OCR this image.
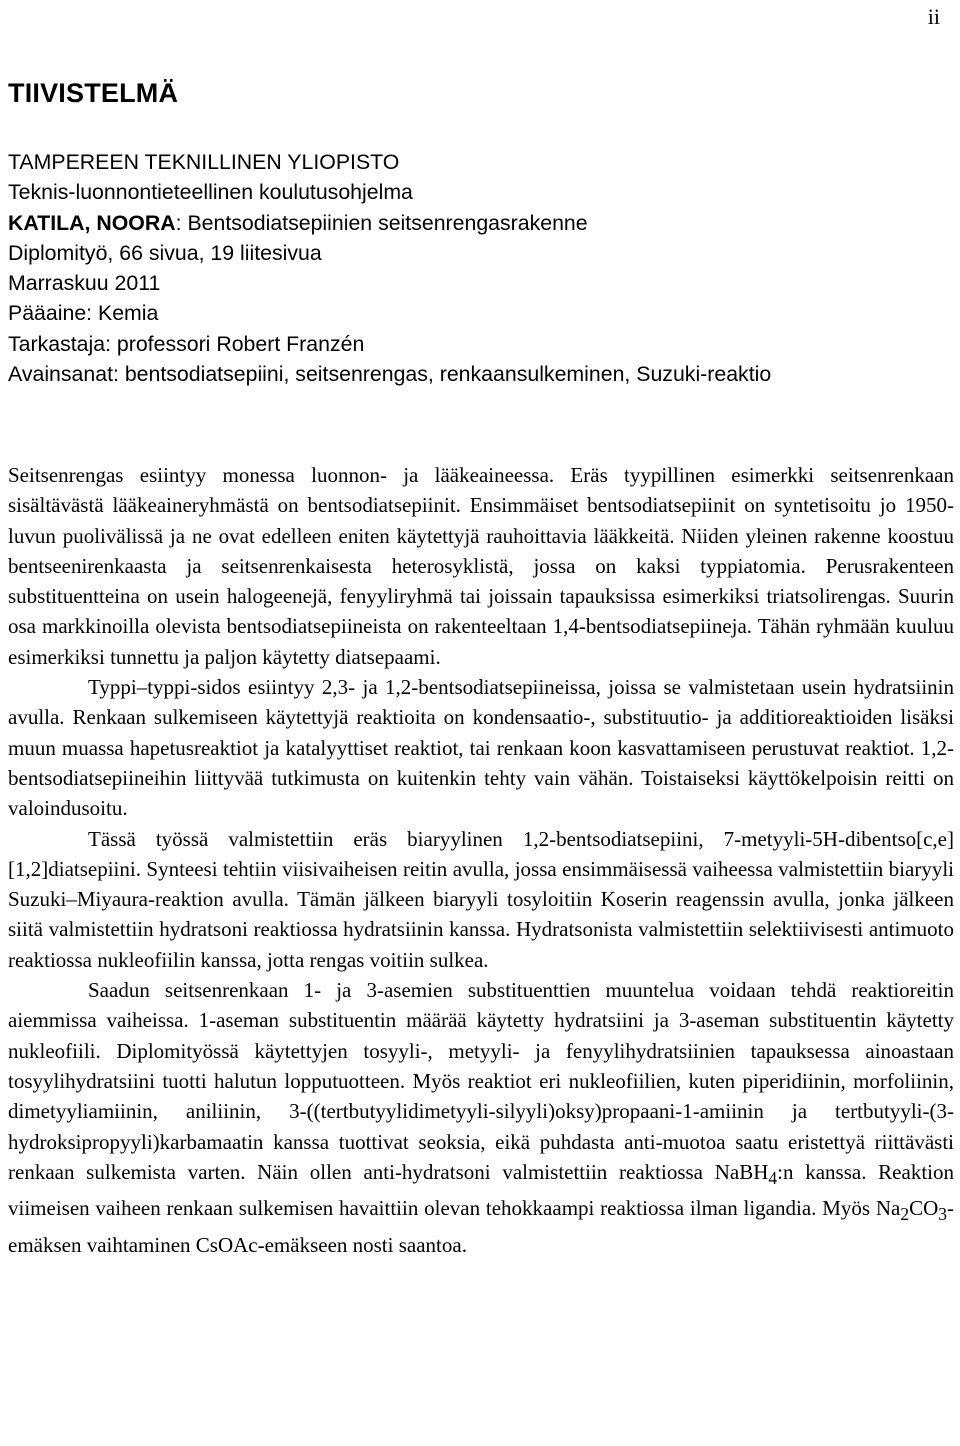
ii
TIIVISTELMÄ
TAMPEREEN TEKNILLINEN YLIOPISTO
Teknis-luonnontieteellinen koulutusohjelma
KATILA, NOORA: Bentsodiatsepiinien seitsenrengasrakenne
Diplomityö, 66 sivua, 19 liitesivua
Marraskuu 2011
Pääaine: Kemia
Tarkastaja: professori Robert Franzén
Avainsanat: bentsodiatsepiini, seitsenrengas, renkaansulkeminen, Suzuki-reaktio

Seitsenrengas esiintyy monessa luonnon- ja lääkeaineessa. Eräs tyypillinen esimerkki seitsenrenkaan sisältävästä lääkeaineryhmästä on bentsodiatsepiinit. Ensimmäiset bentsodiatsepiinit on syntetisoitu jo 1950-luvun puolivälissä ja ne ovat edelleen eniten käytettyjä rauhoittavia lääkkeitä. Niiden yleinen rakenne koostuu bentseenirenkaasta ja seitsenrenkaisesta heterosyklistä, jossa on kaksi typpiatomia. Perusrakenteen substituentteina on usein halogeenejä, fenyyliryhmä tai joissain tapauksissa esimerkiksi triatsolirengas. Suurin osa markkinoilla olevista bentsodiatsepiineista on rakenteeltaan 1,4-bentsodiatsepiineja. Tähän ryhmään kuuluu esimerkiksi tunnettu ja paljon käytetty diatsepaami.

Typpi–typpi-sidos esiintyy 2,3- ja 1,2-bentsodiatsepiineissa, joissa se valmistetaan usein hydratsiinin avulla. Renkaan sulkemiseen käytettyjä reaktioita on kondensaatio-, substituutio- ja additioreaktioiden lisäksi muun muassa hapetusreaktiot ja katalyyttiset reaktiot, tai renkaan koon kasvattamiseen perustuvat reaktiot. 1,2-bentsodiatsepiineihin liittyvää tutkimusta on kuitenkin tehty vain vähän. Toistaiseksi käyttökelpoisin reitti on valoindusoitu.

Tässä työssä valmistettiin eräs biaryylinen 1,2-bentsodiatsepiini, 7-metyyli-5H-dibentso[c,e][1,2]diatsepiini. Synteesi tehtiin viisivaiheisen reitin avulla, jossa ensimmäisessä vaiheessa valmistettiin biaryyli Suzuki–Miyaura-reaktion avulla. Tämän jälkeen biaryyli tosyloitiin Koserin reagenssin avulla, jonka jälkeen siitä valmistettiin hydratsoni reaktiossa hydratsiinin kanssa. Hydratsonista valmistettiin selektiivisesti antimuoto reaktiossa nukleofiilin kanssa, jotta rengas voitiin sulkea.

Saadun seitsenrenkaan 1- ja 3-asemien substituenttien muuntelua voidaan tehdä reaktioreitin aiemmissa vaiheissa. 1-aseman substituentin määrää käytetty hydratsiini ja 3-aseman substituentin käytetty nukleofiili. Diplomityössä käytettyjen tosyyli-, metyyli- ja fenyylihydratsiinien tapauksessa ainoastaan tosyylihydratsiini tuotti halutun lopputuotteen. Myös reaktiot eri nukleofiilien, kuten piperidiinin, morfoliinin, dimetyyliamiinin, aniliinin, 3-((tertbutyylidimetyyli-silyyli)oksy)propaani-1-amiinin ja tertbutyyli-(3-hydroksipropyyli)karbamaatin kanssa tuottivat seoksia, eikä puhdasta anti-muotoa saatu eristettyä riittävästi renkaan sulkemista varten. Näin ollen anti-hydratsoni valmistettiin reaktiossa NaBH$_4$:n kanssa. Reaktion viimeisen vaiheen renkaan sulkemisen havaittiin olevan tehokkaampi reaktiossa ilman ligandia. Myös $Na_2CO_3$-emäksen vaihtaminen CsOAc-emäkseen nosti saantoa.
